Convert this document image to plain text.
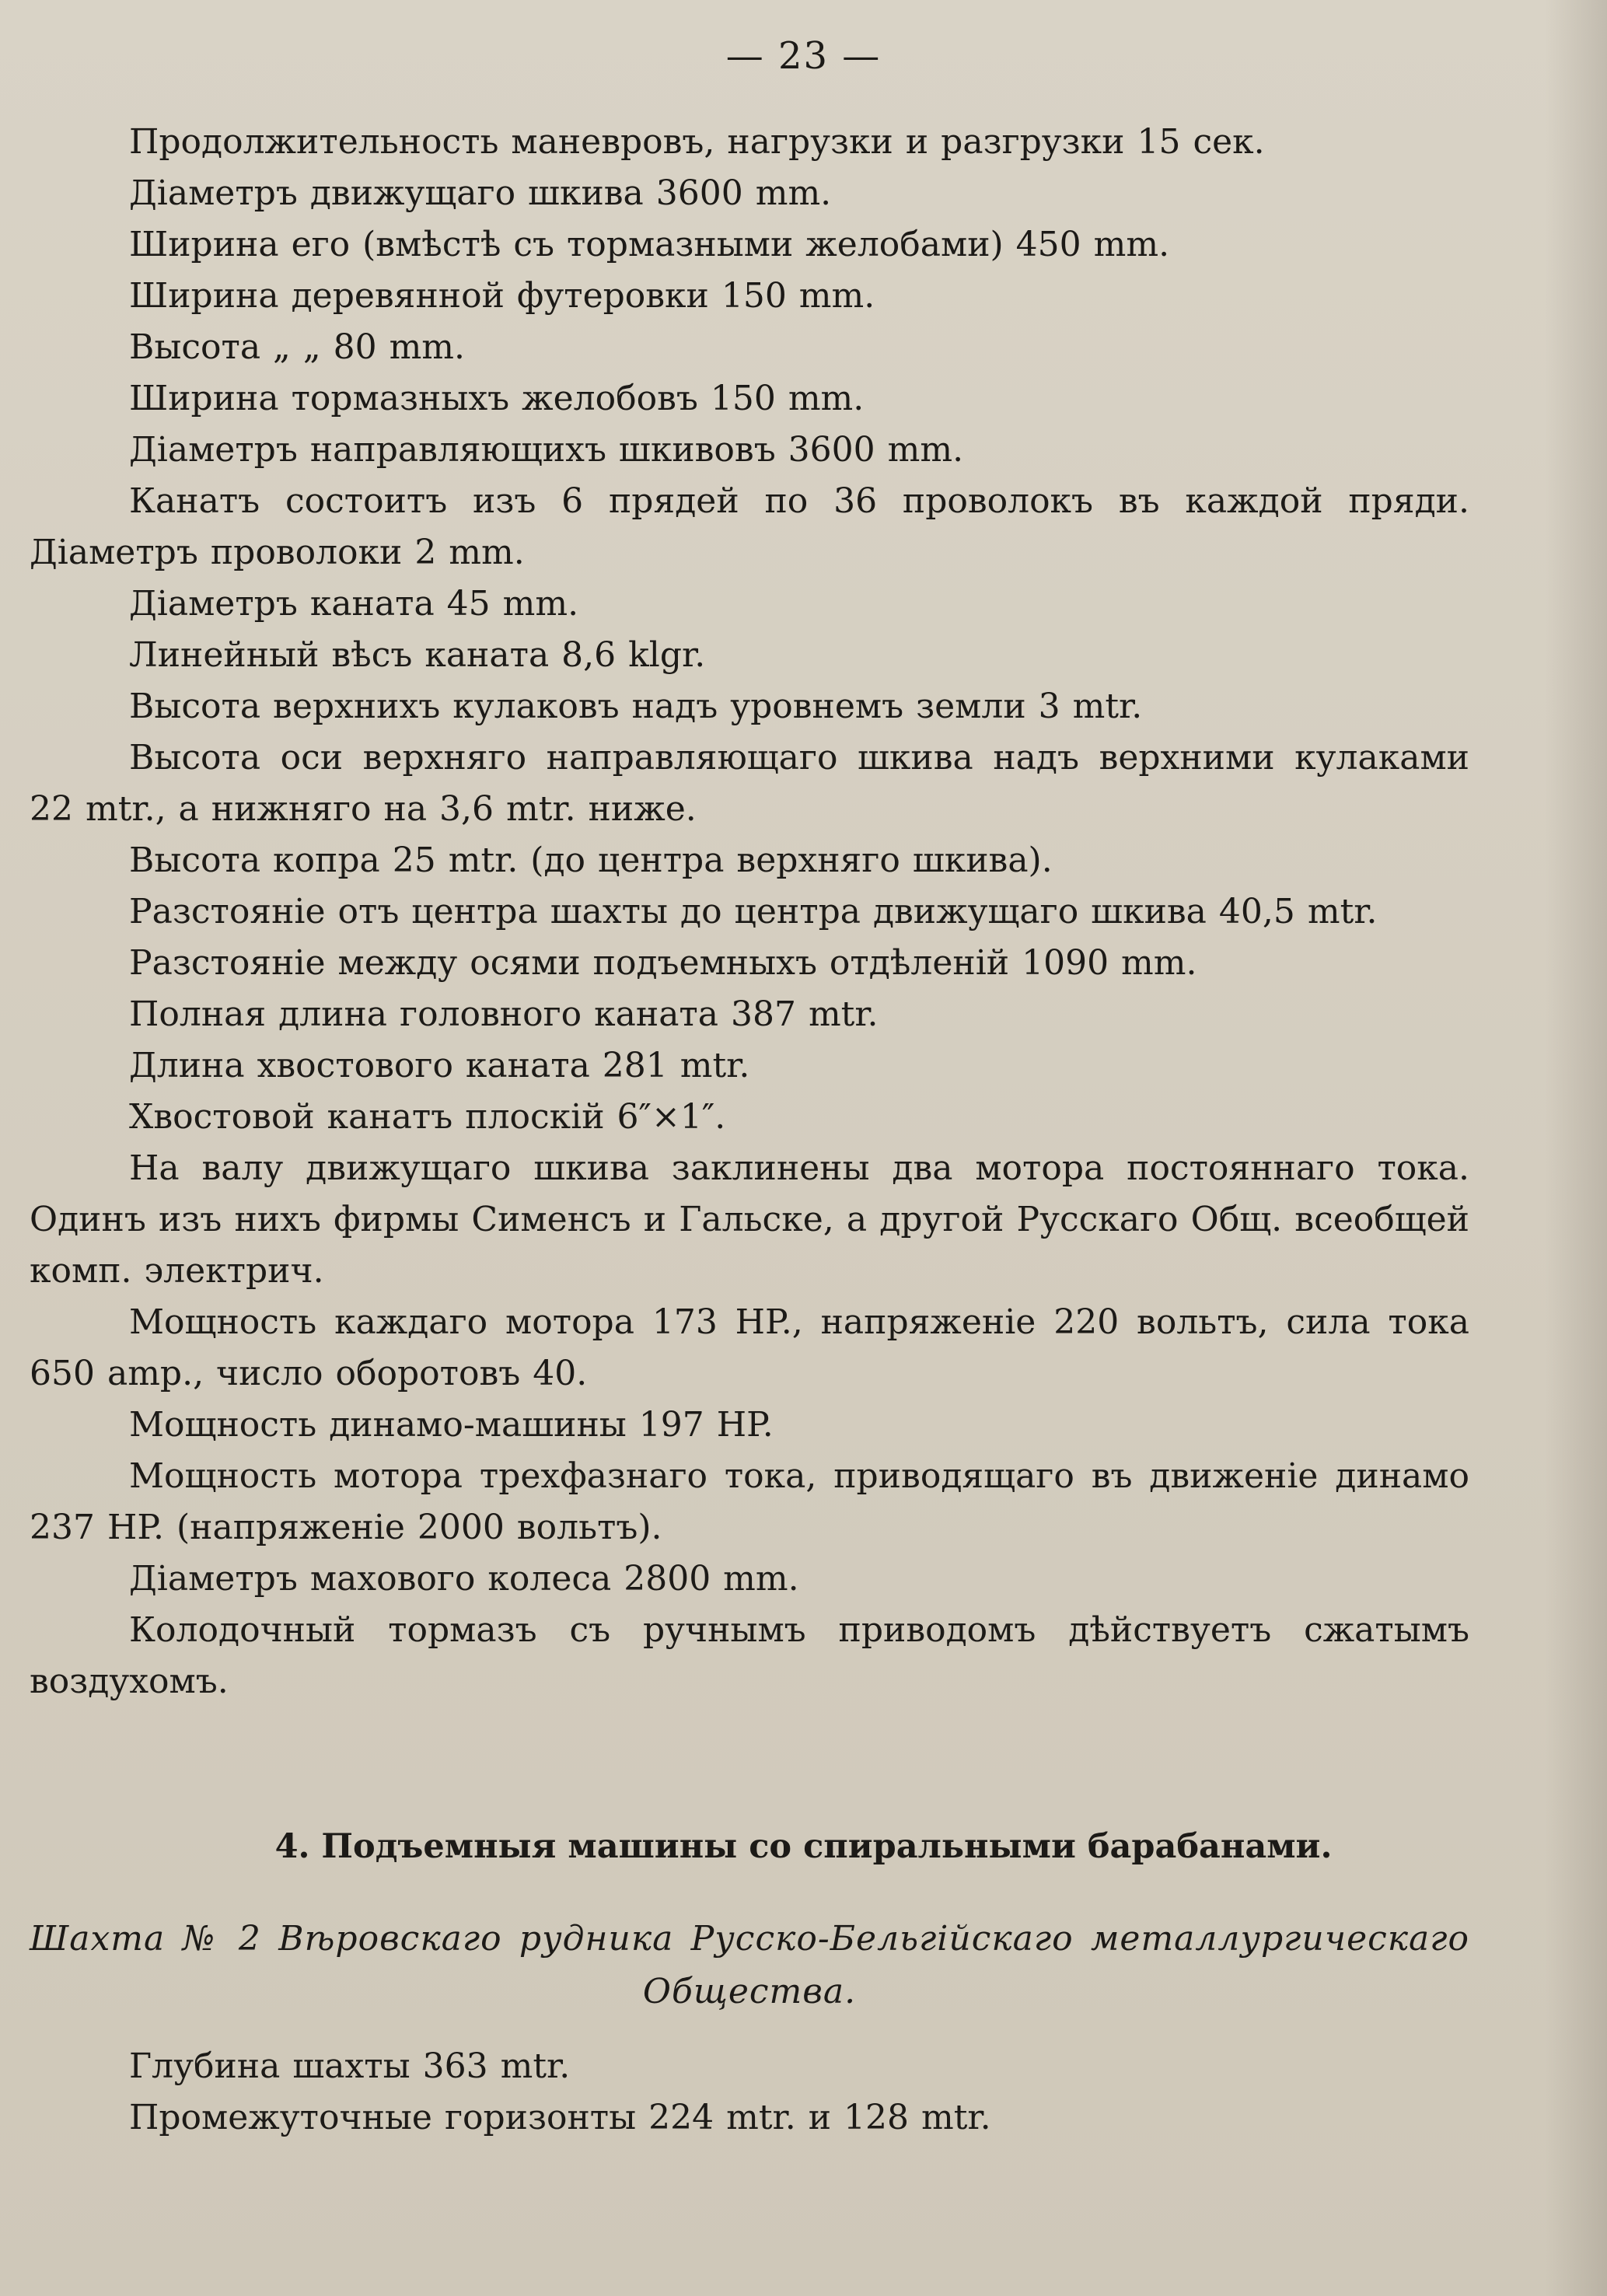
— 23 —

Продолжительность маневровъ, нагрузки и разгрузки 15 сек.

Діаметръ движущаго шкива 3600 mm.

Ширина его (вмѣстѣ съ тормазными желобами) 450 mm.

Ширина деревянной футеровки 150 mm.

Высота „ „ 80 mm.

Ширина тормазныхъ желобовъ 150 mm.

Діаметръ направляющихъ шкивовъ 3600 mm.

Канатъ состоитъ изъ 6 прядей по 36 проволокъ въ каждой пряди. Діаметръ проволоки 2 mm.

Діаметръ каната 45 mm.

Линейный вѣсъ каната 8,6 klgr.

Высота верхнихъ кулаковъ надъ уровнемъ земли 3 mtr.

Высота оси верхняго направляющаго шкива надъ верхними кулаками 22 mtr., а нижняго на 3,6 mtr. ниже.

Высота копра 25 mtr. (до центра верхняго шкива).

Разстояніе отъ центра шахты до центра движущаго шкива 40,5 mtr.

Разстояніе между осями подъемныхъ отдѣленій 1090 mm.

Полная длина головного каната 387 mtr.

Длина хвостового каната 281 mtr.

Хвостовой канатъ плоскій 6″×1″.

На валу движущаго шкива заклинены два мотора постояннаго тока. Одинъ изъ нихъ фирмы Сименсъ и Гальске, а другой Русскаго Общ. всеобщей комп. электрич.

Мощность каждаго мотора 173 HP., напряженіе 220 вольтъ, сила тока 650 amp., число оборотовъ 40.

Мощность динамо-машины 197 HP.

Мощность мотора трехфазнаго тока, приводящаго въ движеніе динамо 237 HP. (напряженіе 2000 вольтъ).

Діаметръ махового колеса 2800 mm.

Колодочный тормазъ съ ручнымъ приводомъ дѣйствуетъ сжатымъ воздухомъ.

4. Подъемныя машины со спиральными барабанами.
Шахта № 2 Вѣровскаго рудника Русско-Бельгійскаго металлургическаго Общества.

Глубина шахты 363 mtr.

Промежуточные горизонты 224 mtr. и 128 mtr.
